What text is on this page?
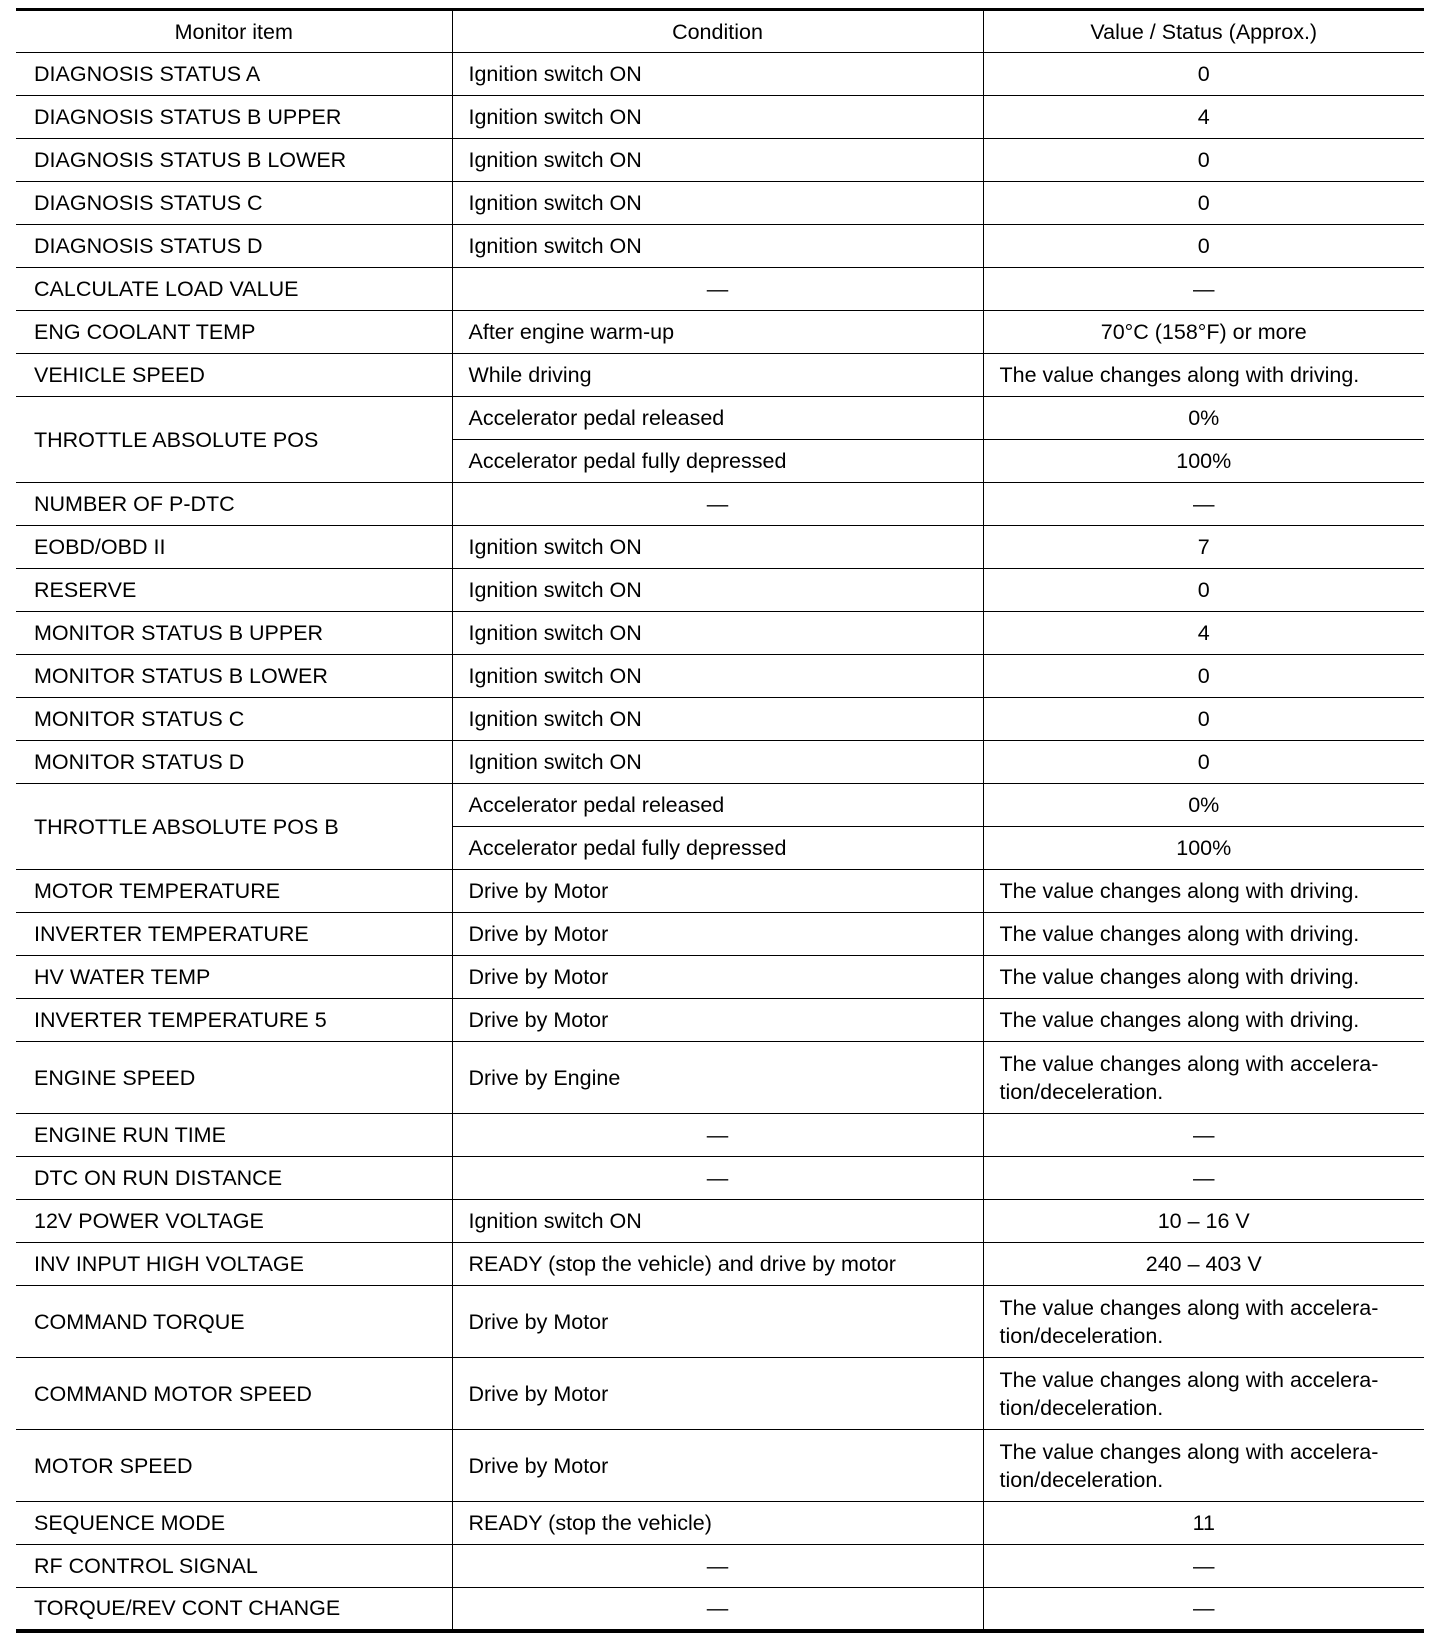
Monitor item	Condition	Value / Status (Approx.)
DIAGNOSIS STATUS A	Ignition switch ON	0
DIAGNOSIS STATUS B UPPER	Ignition switch ON	4
DIAGNOSIS STATUS B LOWER	Ignition switch ON	0
DIAGNOSIS STATUS C	Ignition switch ON	0
DIAGNOSIS STATUS D	Ignition switch ON	0
CALCULATE LOAD VALUE	—	—
ENG COOLANT TEMP	After engine warm-up	70°C (158°F) or more
VEHICLE SPEED	While driving	The value changes along with driving.
THROTTLE ABSOLUTE POS	Accelerator pedal released	0%
	Accelerator pedal fully depressed	100%
NUMBER OF P-DTC	—	—
EOBD/OBD II	Ignition switch ON	7
RESERVE	Ignition switch ON	0
MONITOR STATUS B UPPER	Ignition switch ON	4
MONITOR STATUS B LOWER	Ignition switch ON	0
MONITOR STATUS C	Ignition switch ON	0
MONITOR STATUS D	Ignition switch ON	0
THROTTLE ABSOLUTE POS B	Accelerator pedal released	0%
	Accelerator pedal fully depressed	100%
MOTOR TEMPERATURE	Drive by Motor	The value changes along with driving.
INVERTER TEMPERATURE	Drive by Motor	The value changes along with driving.
HV WATER TEMP	Drive by Motor	The value changes along with driving.
INVERTER TEMPERATURE 5	Drive by Motor	The value changes along with driving.
ENGINE SPEED	Drive by Engine	The value changes along with accelera-
tion/deceleration.
ENGINE RUN TIME	—	—
DTC ON RUN DISTANCE	—	—
12V POWER VOLTAGE	Ignition switch ON	10 – 16 V
INV INPUT HIGH VOLTAGE	READY (stop the vehicle) and drive by motor	240 – 403 V
COMMAND TORQUE	Drive by Motor	The value changes along with accelera-
tion/deceleration.
COMMAND MOTOR SPEED	Drive by Motor	The value changes along with accelera-
tion/deceleration.
MOTOR SPEED	Drive by Motor	The value changes along with accelera-
tion/deceleration.
SEQUENCE MODE	READY (stop the vehicle)	11
RF CONTROL SIGNAL	—	—
TORQUE/REV CONT CHANGE	—	—
